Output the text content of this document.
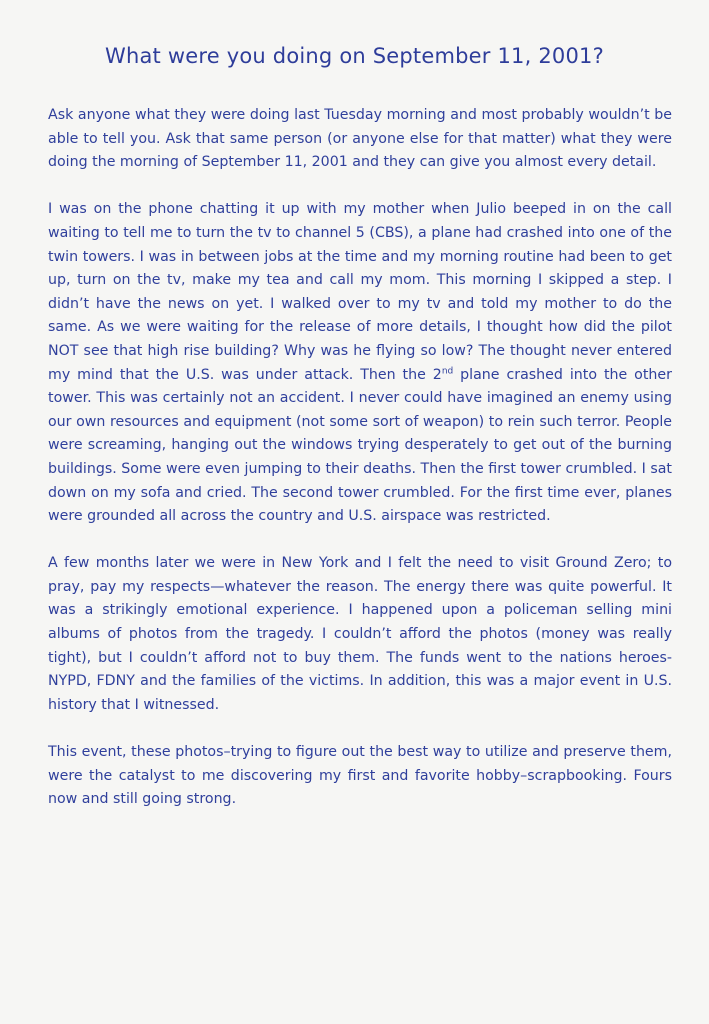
What were you doing on September 11, 2001?

Ask anyone what they were doing last Tuesday morning and most probably wouldn’t be able to tell you. Ask that same person (or anyone else for that matter) what they were doing the morning of September 11, 2001 and they can give you almost every detail.

I was on the phone chatting it up with my mother when Julio beeped in on the call waiting to tell me to turn the tv to channel 5 (CBS), a plane had crashed into one of the twin towers. I was in between jobs at the time and my morning routine had been to get up, turn on the tv, make my tea and call my mom. This morning I skipped a step. I didn’t have the news on yet. I walked over to my tv and told my mother to do the same. As we were waiting for the release of more details, I thought how did the pilot NOT see that high rise building? Why was he flying so low? The thought never entered my mind that the U.S. was under attack. Then the 2nd plane crashed into the other tower. This was certainly not an accident. I never could have imagined an enemy using our own resources and equipment (not some sort of weapon) to rein such terror. People were screaming, hanging out the windows trying desperately to get out of the burning buildings. Some were even jumping to their deaths. Then the first tower crumbled. I sat down on my sofa and cried. The second tower crumbled. For the first time ever, planes were grounded all across the country and U.S. airspace was restricted.

A few months later we were in New York and I felt the need to visit Ground Zero; to pray, pay my respects—whatever the reason. The energy there was quite powerful. It was a strikingly emotional experience. I happened upon a policeman selling mini albums of photos from the tragedy. I couldn’t afford the photos (money was really tight), but I couldn’t afford not to buy them. The funds went to the nations heroes- NYPD, FDNY and the families of the victims. In addition, this was a major event in U.S. history that I witnessed.

This event, these photos–trying to figure out the best way to utilize and preserve them, were the catalyst to me discovering my first and favorite hobby–scrapbooking. Fours now and still going strong.
